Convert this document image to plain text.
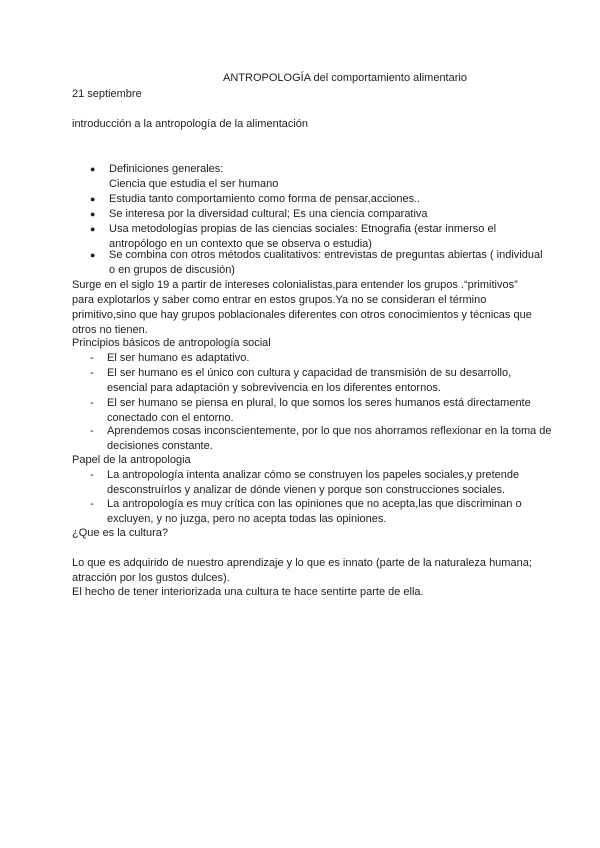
ANTROPOLOGÍA del comportamiento alimentario
21 septiembre
introducción a la antropología de la alimentación
●	Definiciones generales:
Ciencia que estudia el ser humano
●	Estudia tanto comportamiento como forma de pensar,acciones..
●	Se interesa por la diversidad cultural; Es una ciencia comparativa
●	Usa metodologías propias de las ciencias sociales: Etnografia (estar inmerso el antropólogo en un contexto que se observa o estudia)
●	Se combina con otros métodos cualitativos: entrevistas de preguntas abiertas ( individual o en grupos de discusión)
Surge en el siglo 19 a partir de intereses colonialistas,para entender los grupos .“primitivos” para explotarlos y saber como entrar en estos grupos.Ya no se consideran el término primitivo,sino que hay grupos poblacionales diferentes con otros conocimientos y técnicas que otros no tienen.
Principios básicos de antropología social
-	El ser humano es adaptativo.
-	El ser humano es el único con cultura y capacidad de transmisión de su desarrollo, esencial para adaptación y sobrevivencia en los diferentes entornos.
-	El ser humano se piensa en plural, lo que somos los seres humanos está directamente conectado con el entorno.
-	Aprendemos cosas inconscientemente, por lo que nos ahorramos reflexionar en la toma de decisiones constante.
Papel de la antropologia
-	La antropología intenta analizar cómo se construyen los papeles sociales,y pretende desconstruírlos y analizar de dónde vienen y porque son construcciones sociales.
-	La antropología es muy crítica con las opiniones que no acepta,las que discriminan o excluyen, y no juzga, pero no acepta todas las opiniones.
¿Que es la cultura?
Lo que es adquirido de nuestro aprendizaje y lo que es innato (parte de la naturaleza humana; atracción por los gustos dulces).
El hecho de tener interiorizada una cultura te hace sentirte parte de ella.
